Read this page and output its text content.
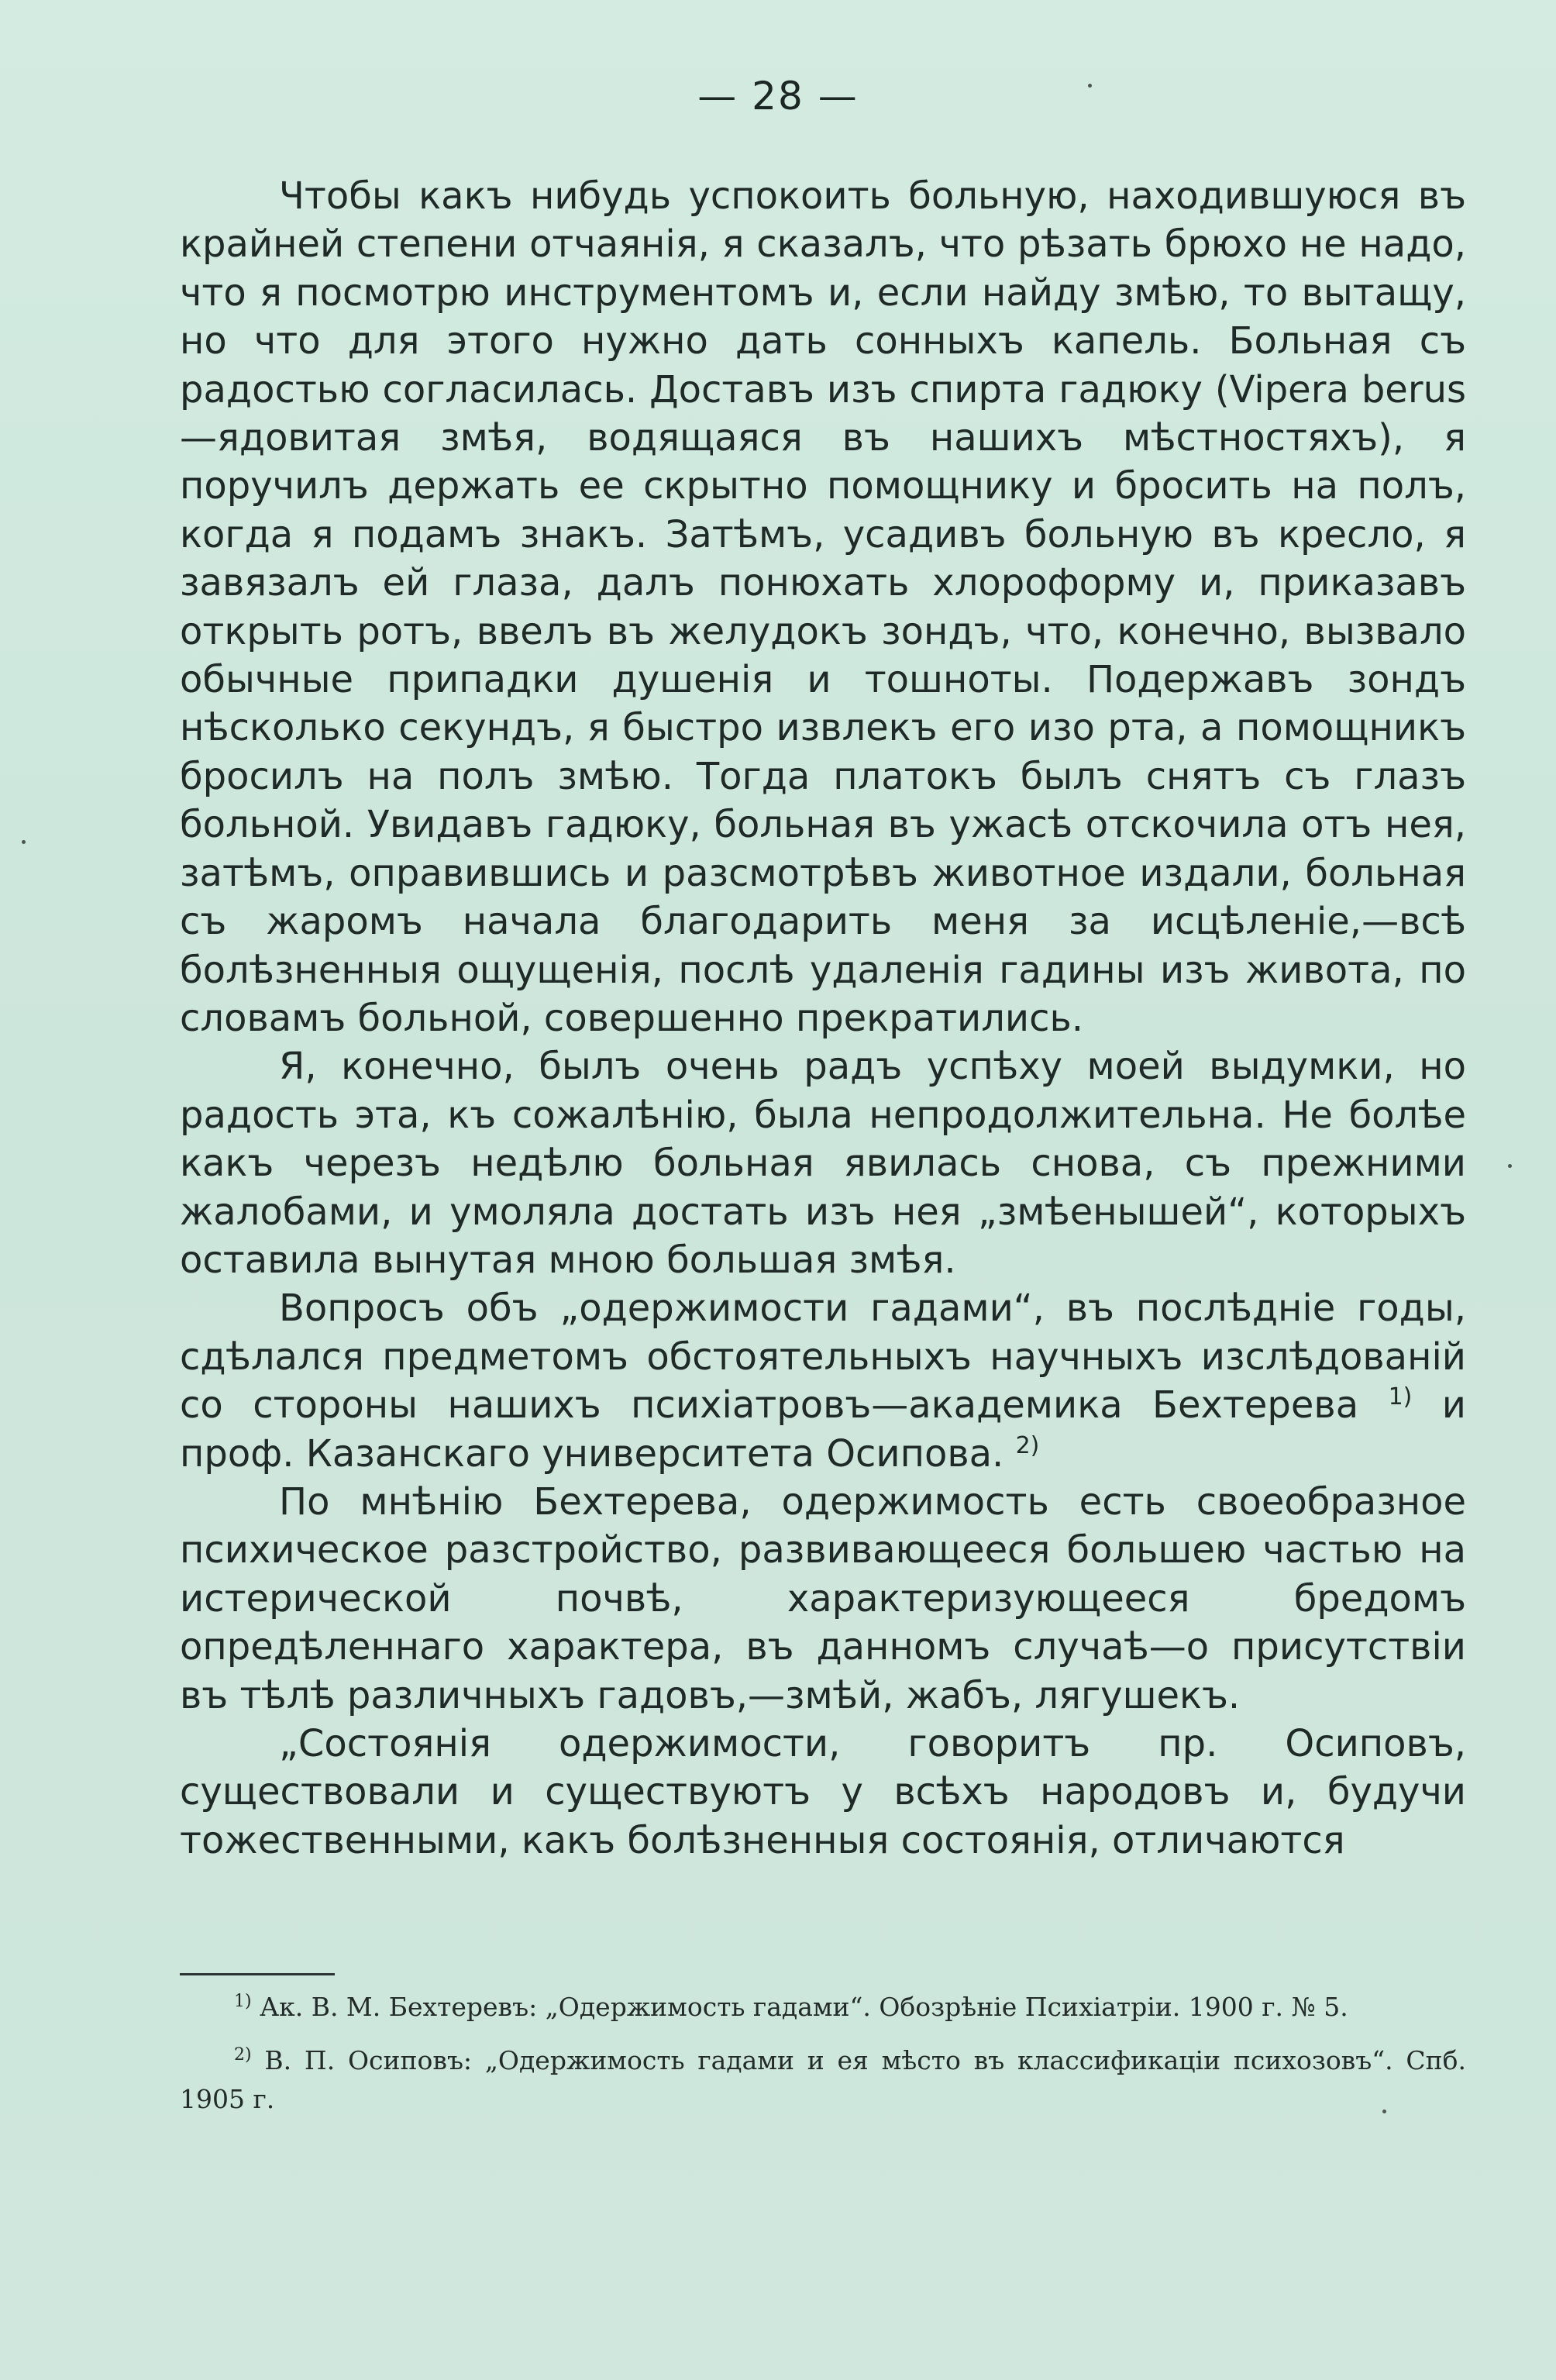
— 28 —

Чтобы какъ нибудь успокоить больную, находившуюся въ крайней степени отчаянія, я сказалъ, что рѣзать брюхо не надо, что я посмотрю инструментомъ и, если найду змѣю, то вытащу, но что для этого нужно дать сонныхъ капель. Больная съ радостью согласилась. Доставъ изъ спирта гадюку (Vipera berus—ядовитая змѣя, водящаяся въ нашихъ мѣстностяхъ), я поручилъ держать ее скрытно помощнику и бросить на полъ, когда я подамъ знакъ. Затѣмъ, усадивъ больную въ кресло, я завязалъ ей глаза, далъ понюхать хлороформу и, приказавъ открыть ротъ, ввелъ въ желудокъ зондъ, что, конечно, вызвало обычные припадки душенія и тошноты. Подержавъ зондъ нѣсколько секундъ, я быстро извлекъ его изо рта, а помощникъ бросилъ на полъ змѣю. Тогда платокъ былъ снятъ съ глазъ больной. Увидавъ гадюку, больная въ ужасѣ отскочила отъ нея, затѣмъ, оправившись и разсмотрѣвъ животное издали, больная съ жаромъ начала благодарить меня за исцѣленіе,—всѣ болѣзненныя ощущенія, послѣ удаленія гадины изъ живота, по словамъ больной, совершенно прекратились.

Я, конечно, былъ очень радъ успѣху моей выдумки, но радость эта, къ сожалѣнію, была непродолжительна. Не болѣе какъ черезъ недѣлю больная явилась снова, съ прежними жалобами, и умоляла достать изъ нея „змѣенышей“, которыхъ оставила вынутая мною большая змѣя.

Вопросъ объ „одержимости гадами“, въ послѣдніе годы, сдѣлался предметомъ обстоятельныхъ научныхъ изслѣдованій со стороны нашихъ психіатровъ—академика Бехтерева $^{1)}$ и проф. Казанскаго университета Осипова. $^{2)}$

По мнѣнію Бехтерева, одержимость есть своеобразное психическое разстройство, развивающееся большею частью на истерической почвѣ, характеризующееся бредомъ опредѣленнаго характера, въ данномъ случаѣ—о присутствіи въ тѣлѣ различныхъ гадовъ,—змѣй, жабъ, лягушекъ.

„Состоянія одержимости, говоритъ пр. Осиповъ, существовали и существуютъ у всѣхъ народовъ и, будучи тожественными, какъ болѣзненныя состоянія, отличаются

$^{1)}$ Ак. В. М. Бехтеревъ: „Одержимость гадами“. Обозрѣніе Психіатріи. 1900 г. № 5.

$^{2)}$ В. П. Осиповъ: „Одержимость гадами и ея мѣсто въ классификаціи психозовъ“. Спб. 1905 г.
